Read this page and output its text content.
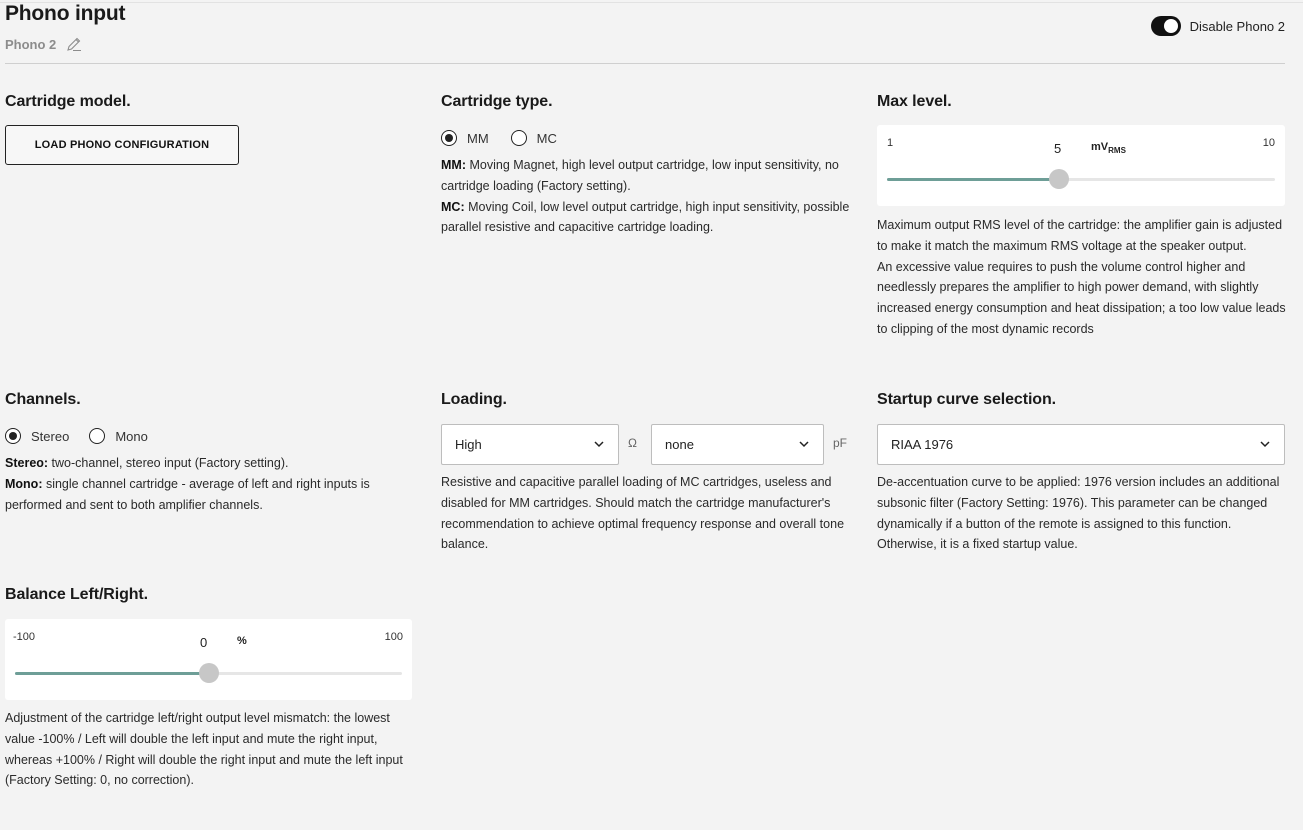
Phono input
Phono 2
Disable Phono 2
Cartridge model.
LOAD PHONO CONFIGURATION
Cartridge type.
MM	MC
MM: Moving Magnet, high level output cartridge, low input sensitivity, no cartridge loading (Factory setting).
MC: Moving Coil, low level output cartridge, high input sensitivity, possible parallel resistive and capacitive cartridge loading.
Max level.
1	5	$mV_{RMS}$
10
Maximum output RMS level of the cartridge: the amplifier gain is adjusted to make it match the maximum RMS voltage at the speaker output.
An excessive value requires to push the volume control higher and needlessly prepares the amplifier to high power demand, with slightly increased energy consumption and heat dissipation; a too low value leads to clipping of the most dynamic records
Channels.
Stereo	Mono
Stereo: two-channel, stereo input (Factory setting).
Mono: single channel cartridge - average of left and right inputs is performed and sent to both amplifier channels.
Loading.
High	Ω none	pF
Resistive and capacitive parallel loading of MC cartridges, useless and disabled for MM cartridges. Should match the cartridge manufacturer's recommendation to achieve optimal frequency response and overall tone balance.
Startup curve selection.
RIAA 1976
De-accentuation curve to be applied: 1976 version includes an additional subsonic filter (Factory Setting: 1976). This parameter can be changed dynamically if a button of the remote is assigned to this function. Otherwise, it is a fixed startup value.
Balance Left/Right.
-100	0	%	100
Adjustment of the cartridge left/right output level mismatch: the lowest value -100% / Left will double the left input and mute the right input, whereas +100% / Right will double the right input and mute the left input (Factory Setting: 0, no correction).
